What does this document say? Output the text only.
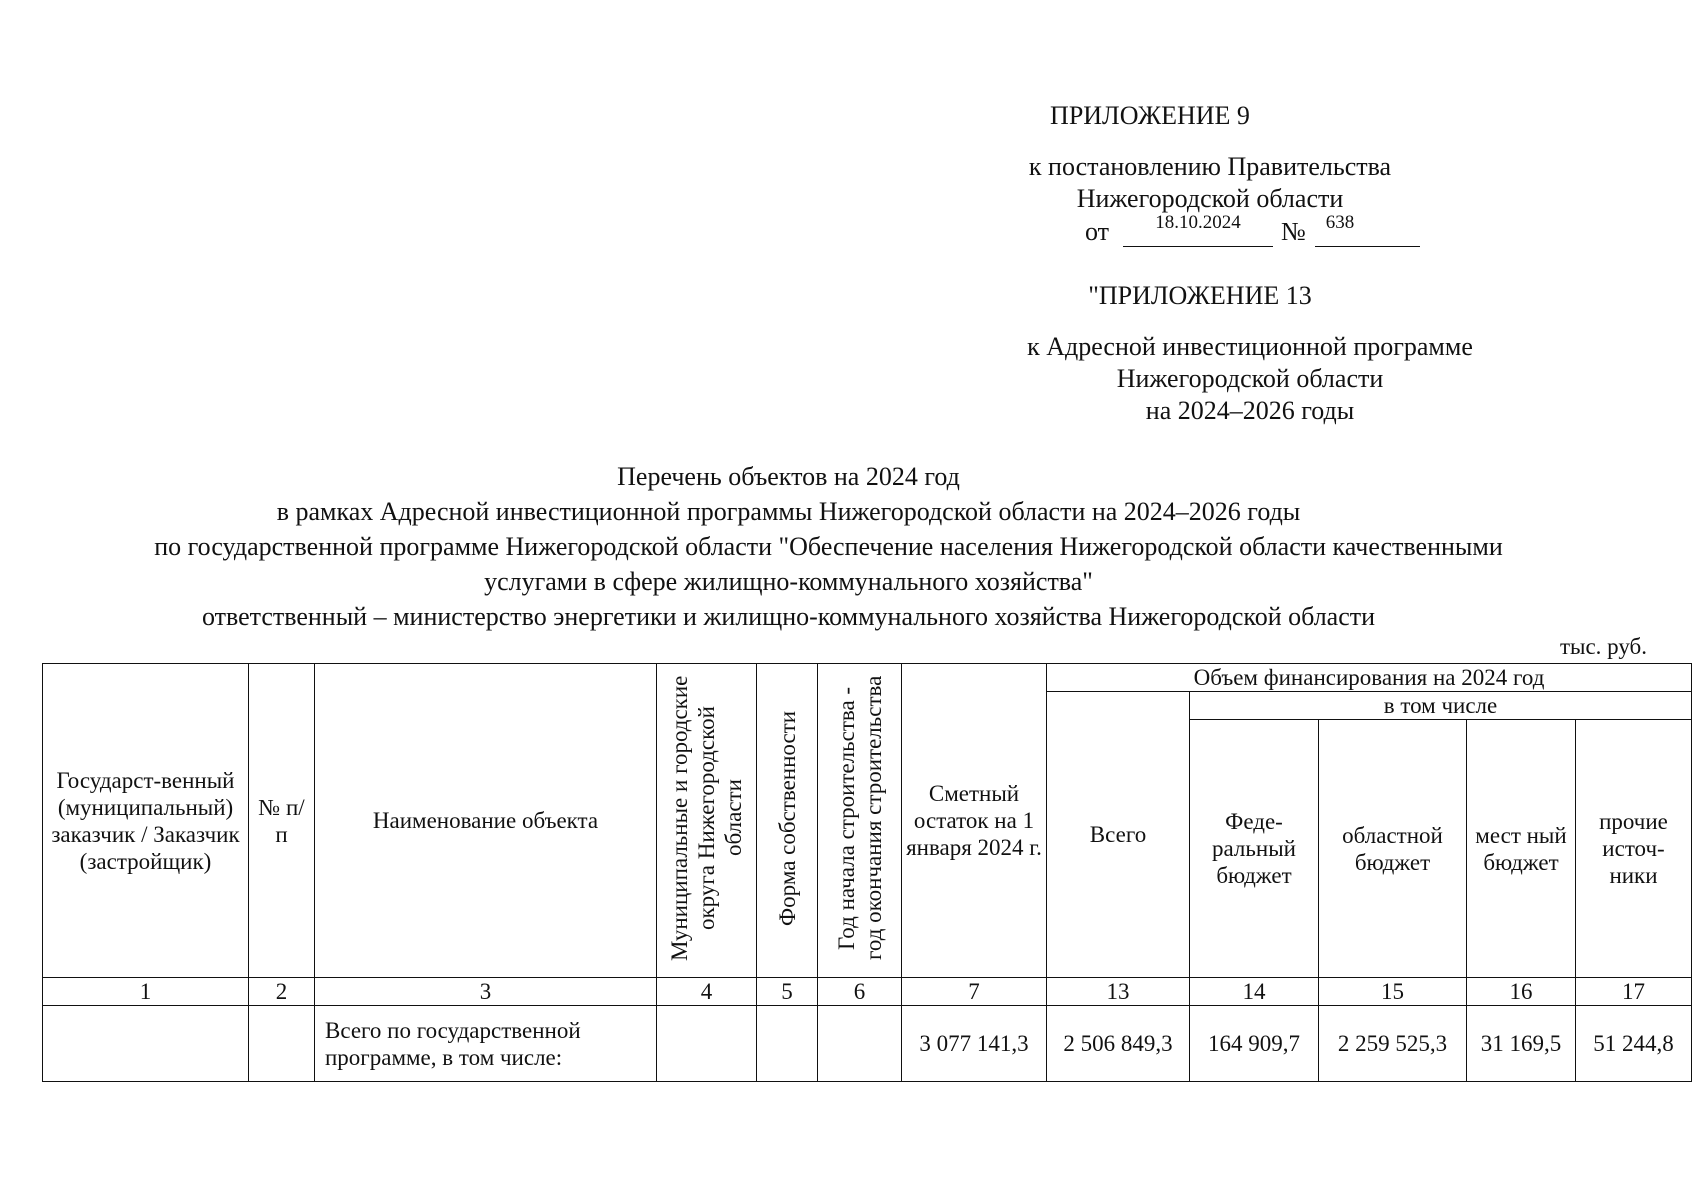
ПРИЛОЖЕНИЕ 9
к постановлению Правительства
Нижегородской области
от	18.10.2024	№	638
"ПРИЛОЖЕНИЕ 13
к Адресной инвестиционной программе
Нижегородской области
на 2024–2026 годы
Перечень объектов на 2024 год
в рамках Адресной инвестиционной программы Нижегородской области на 2024–2026 годы
по государственной программе Нижегородской области "Обеспечение населения Нижегородской области качественными
услугами в сфере жилищно-коммунального хозяйства"
ответственный – министерство энергетики и жилищно-коммунального хозяйства Нижегородской области
тыс. руб.
Государст-венный (муниципальный) заказчик / Заказчик (застройщик)	№ п/п	Наименование объекта	Муниципальные и городские округа Нижегородской области	Форма собственности	Год начала строительства - год окончания строительства	Сметный остаток на 1 января 2024 г.	Объем финансирования на 2024 год				
							Всего	в том числе			
								Феде-ральный бюджет	областной бюджет	мест ный бюджет	прочие источ-ники
1	2	3	4	5	6	7	13	14	15	16	17
		Всего по государственной программе, в том числе:				3 077 141,3	2 506 849,3	164 909,7	2 259 525,3	31 169,5	51 244,8
